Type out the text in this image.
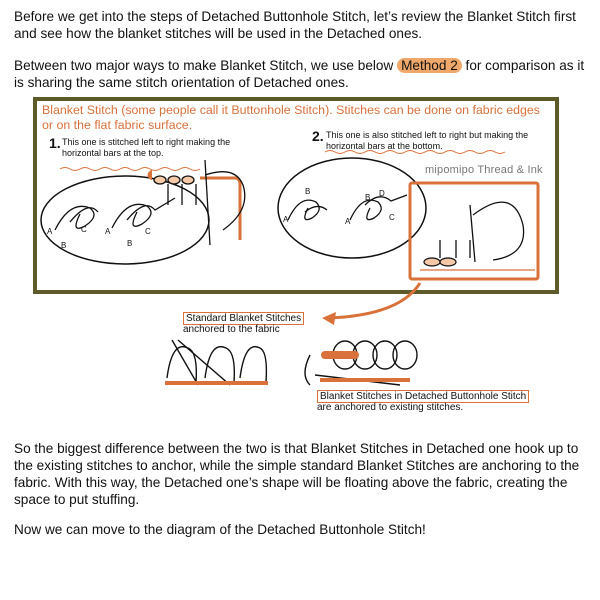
Before we get into the steps of Detached Buttonhole Stitch, let’s review the Blanket Stitch first and see how the blanket stitches will be used in the Detached ones.

Between two major ways to make Blanket Stitch, we use below Method 2 for comparison as it is sharing the same stitch orientation of Detached ones.

Blanket Stitch (some people call it Buttonhole Stitch). Stitches can be done on fabric edges or on the flat fabric surface.
1. This one is stitched left to right making the horizontal bars at the top.
2. This one is also stitched left to right but making the horizontal bars at the bottom.
mipomipo Thread & Ink
Standard Blanket Stitches
anchored to the fabric
Blanket Stitches in Detached Buttonhole Stitch
are anchored to existing stitches.
A
B
C A
B
C
B
A
B D
A	C

So the biggest difference between the two is that Blanket Stitches in Detached one hook up to the existing stitches to anchor, while the simple standard Blanket Stitches are anchoring to the fabric. With this way, the Detached one’s shape will be floating above the fabric, creating the space to put stuffing.

Now we can move to the diagram of the Detached Buttonhole Stitch!
